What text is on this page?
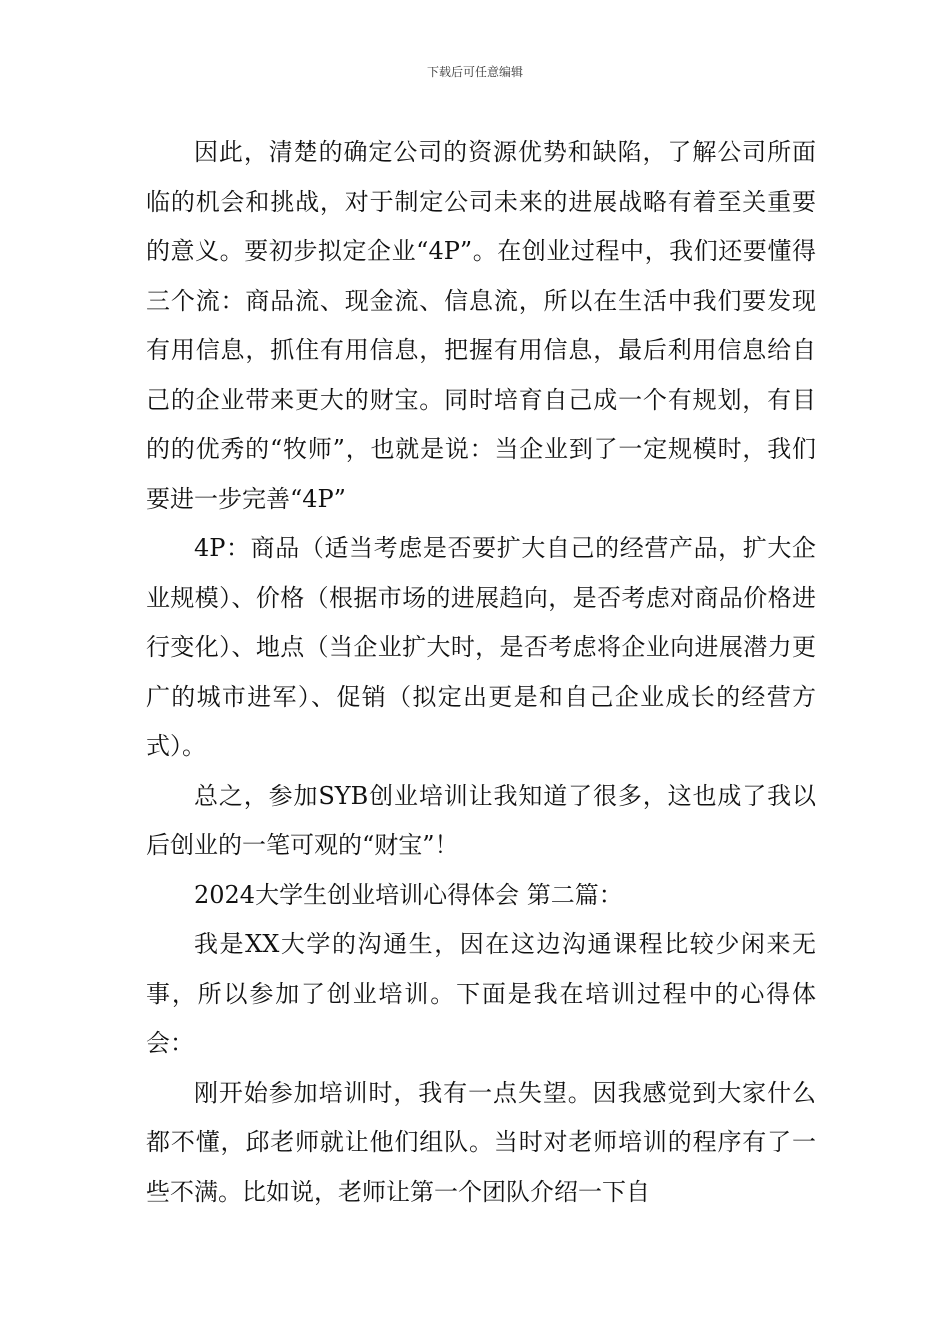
下载后可任意编辑

因此，清楚的确定公司的资源优势和缺陷，了解公司所面临的机会和挑战，对于制定公司未来的进展战略有着至关重要的意义。要初步拟定企业“4P”。在创业过程中，我们还要懂得三个流：商品流、现金流、信息流，所以在生活中我们要发现有用信息，抓住有用信息，把握有用信息，最后利用信息给自己的企业带来更大的财宝。同时培育自己成一个有规划，有目的的优秀的“牧师”，也就是说：当企业到了一定规模时，我们要进一步完善“4P”

4P：商品（适当考虑是否要扩大自己的经营产品，扩大企业规模）、价格（根据市场的进展趋向，是否考虑对商品价格进行变化）、地点（当企业扩大时，是否考虑将企业向进展潜力更广的城市进军）、促销（拟定出更是和自己企业成长的经营方式）。

总之，参加SYB创业培训让我知道了很多，这也成了我以后创业的一笔可观的“财宝”！

2024大学生创业培训心得体会 第二篇：

我是XX大学的沟通生，因在这边沟通课程比较少闲来无事，所以参加了创业培训。下面是我在培训过程中的心得体会：

刚开始参加培训时，我有一点失望。因我感觉到大家什么都不懂，邱老师就让他们组队。当时对老师培训的程序有了一些不满。比如说，老师让第一个团队介绍一下自
